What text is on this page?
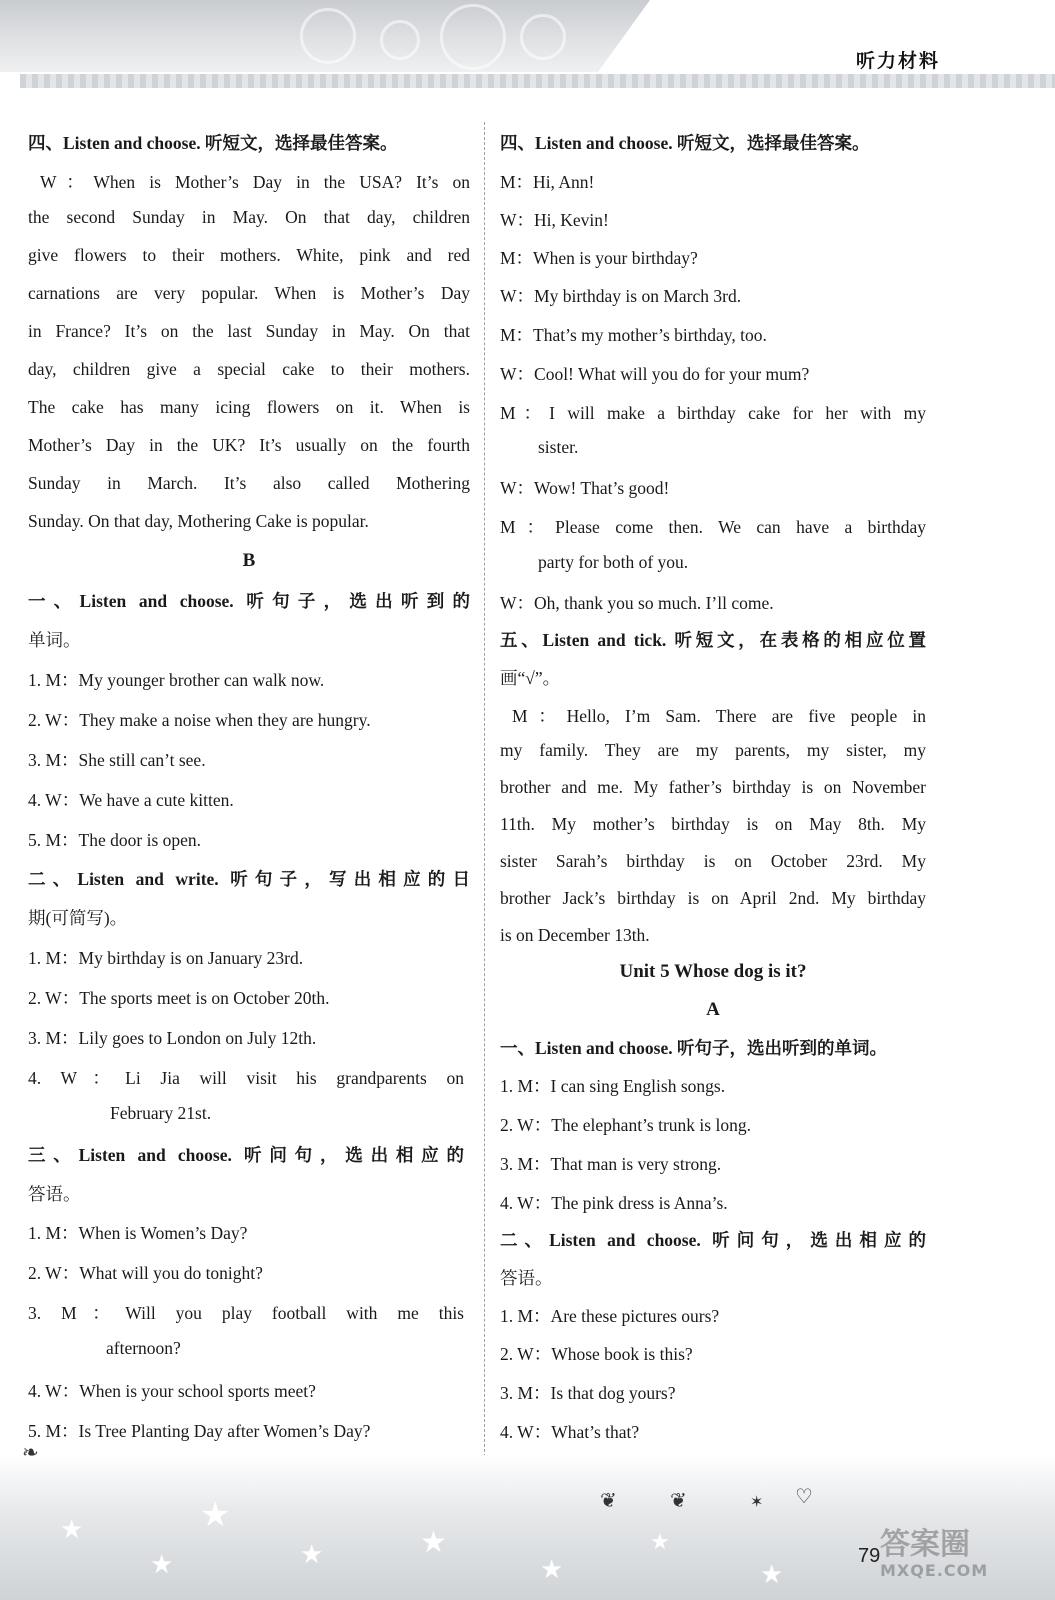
听力材料
四、Listen and choose. 听短文，选择最佳答案。
W：When is Mother’s Day in the USA? It’s on
the second Sunday in May. On that day, children
give flowers to their mothers. White, pink and red
carnations are very popular. When is Mother’s Day
in France? It’s on the last Sunday in May. On that
day, children give a special cake to their mothers.
The cake has many icing flowers on it. When is
Mother’s Day in the UK? It’s usually on the fourth
Sunday in March. It’s also called Mothering
Sunday. On that day, Mothering Cake is popular.
B
一、Listen and choose. 听句子，选出听到的
单词。
1. M：My younger brother can walk now.
2. W：They make a noise when they are hungry.
3. M：She still can’t see.
4. W：We have a cute kitten.
5. M：The door is open.
二、Listen and write. 听句子，写出相应的日
期(可简写)。
1. M：My birthday is on January 23rd.
2. W：The sports meet is on October 20th.
3. M：Lily goes to London on July 12th.
4. W：Li Jia will visit his grandparents on
February 21st.
三、Listen and choose. 听问句，选出相应的
答语。
1. M：When is Women’s Day?
2. W：What will you do tonight?
3. M：Will you play football with me this
afternoon?
4. W：When is your school sports meet?
5. M：Is Tree Planting Day after Women’s Day?
四、Listen and choose. 听短文，选择最佳答案。
M：Hi, Ann!
W：Hi, Kevin!
M：When is your birthday?
W：My birthday is on March 3rd.
M：That’s my mother’s birthday, too.
W：Cool! What will you do for your mum?
M：I will make a birthday cake for her with my
sister.
W：Wow! That’s good!
M：Please come then. We can have a birthday
party for both of you.
W：Oh, thank you so much. I’ll come.
五、Listen and tick. 听短文，在表格的相应位置
画“√”。
M：Hello, I’m Sam. There are five people in
my family. They are my parents, my sister, my
brother and me. My father’s birthday is on November
11th. My mother’s birthday is on May 8th. My
sister Sarah’s birthday is on October 23rd. My
brother Jack’s birthday is on April 2nd. My birthday
is on December 13th.
Unit 5 Whose dog is it?
A
一、Listen and choose. 听句子，选出听到的单词。
1. M：I can sing English songs.
2. W：The elephant’s trunk is long.
3. M：That man is very strong.
4. W：The pink dress is Anna’s.
二、Listen and choose. 听问句，选出相应的
答语。
1. M：Are these pictures ours?
2. W：Whose book is this?
3. M：Is that dog yours?
4. W：What’s that?
★
★
★
★	★
★
★
★
❧
❦	❦	✶ ♡
79 答案圈
MXQE.COM
